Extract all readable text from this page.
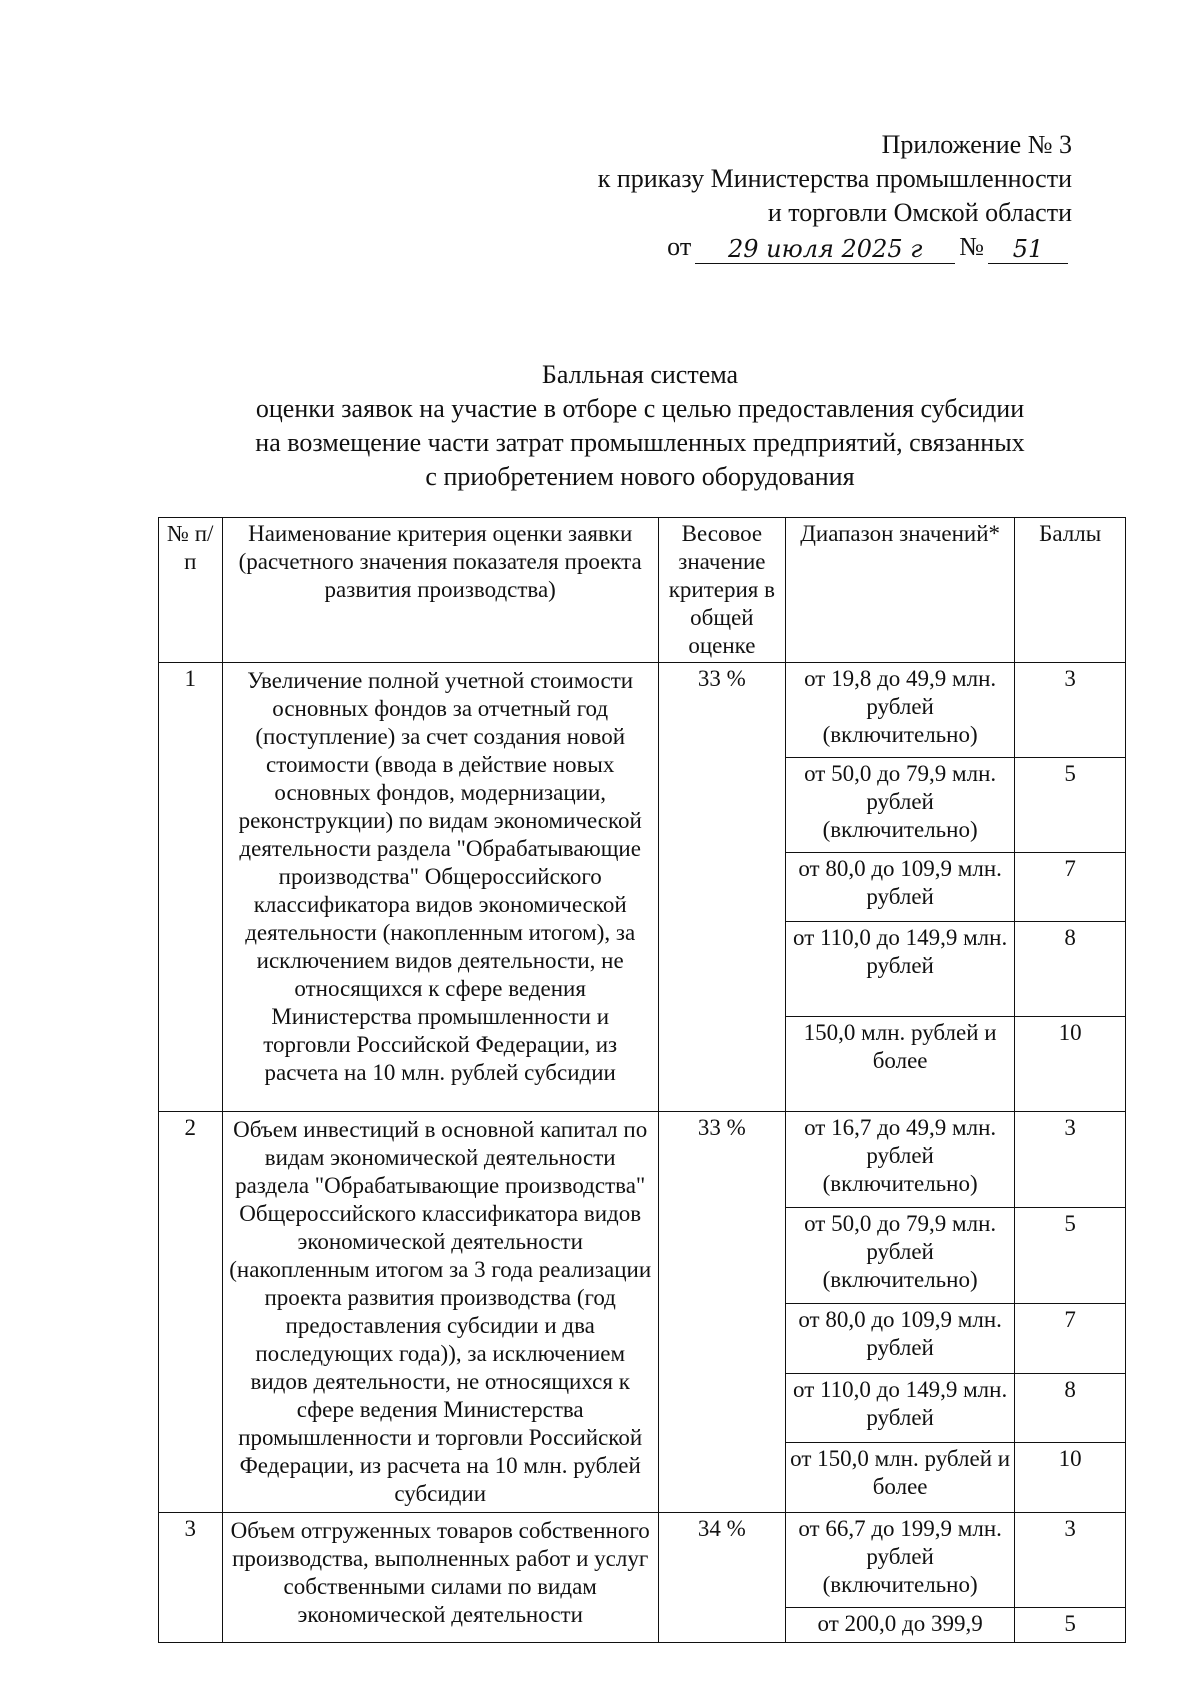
Приложение № 3
к приказу Министерства промышленности
и торговли Омской области
от	29 июля 2025 г	№	51
Балльная система
оценки заявок на участие в отборе с целью предоставления субсидии
на возмещение части затрат промышленных предприятий, связанных
с приобретением нового оборудования
№ п/п	Наименование критерия оценки заявки (расчетного значения показателя проекта развития производства)	Весовое значение критерия в общей оценке	Диапазон значений*	Баллы
1	Увеличение полной учетной стоимости основных фондов за отчетный год (поступление) за счет создания новой стоимости (ввода в действие новых основных фондов, модернизации, реконструкции) по видам экономической деятельности раздела "Обрабатывающие производства" Общероссийского классификатора видов экономической деятельности (накопленным итогом), за исключением видов деятельности, не относящихся к сфере ведения Министерства промышленности и торговли Российской Федерации, из расчета на 10 млн. рублей субсидии	33 %	от 19,8 до 49,9 млн. рублей (включительно)	3
			от 50,0 до 79,9 млн. рублей (включительно)	5
			от 80,0 до 109,9 млн. рублей	7
			от 110,0 до 149,9 млн. рублей	8
			150,0 млн. рублей и более	10
2	Объем инвестиций в основной капитал по видам экономической деятельности раздела "Обрабатывающие производства" Общероссийского классификатора видов экономической деятельности (накопленным итогом за 3 года реализации проекта развития производства (год предоставления субсидии и два последующих года)), за исключением видов деятельности, не относящихся к сфере ведения Министерства промышленности и торговли Российской Федерации, из расчета на 10 млн. рублей субсидии	33 %	от 16,7 до 49,9 млн. рублей (включительно)	3
			от 50,0 до 79,9 млн. рублей (включительно)	5
			от 80,0 до 109,9 млн. рублей	7
			от 110,0 до 149,9 млн. рублей	8
			от 150,0 млн. рублей и более	10
3	Объем отгруженных товаров собственного производства, выполненных работ и услуг собственными силами по видам экономической деятельности	34 %	от 66,7 до 199,9 млн. рублей (включительно)	3
			от 200,0 до 399,9	5
